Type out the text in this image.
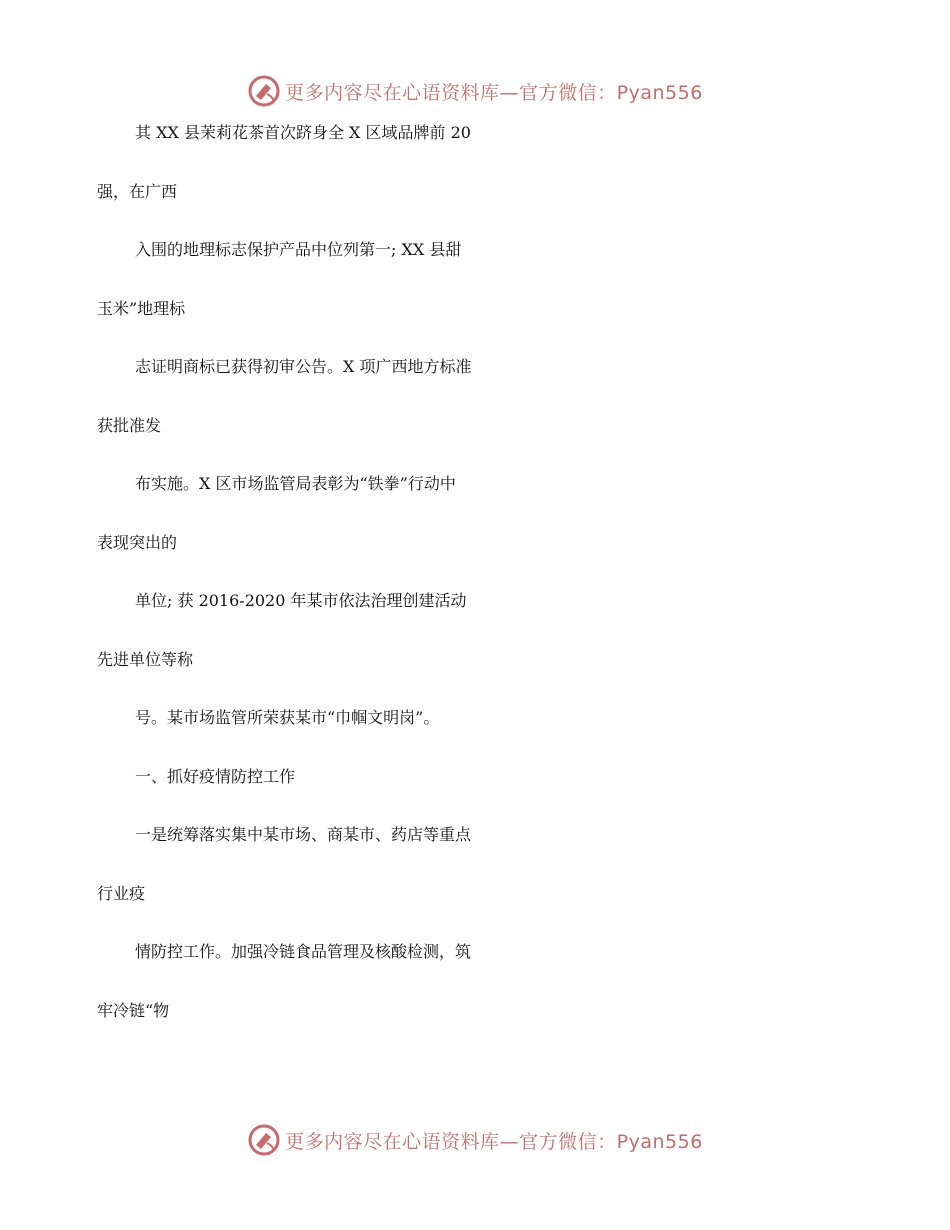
更多内容尽在心语资料库—官方微信：Pyan556
其 XX 县茉莉花茶首次跻身全 X 区域品牌前 20
强，在广西
入围的地理标志保护产品中位列第一; XX 县甜
玉米”地理标
志证明商标已获得初审公告。X 项广西地方标准
获批准发
布实施。X 区市场监管局表彰为“铁拳”行动中
表现突出的
单位; 获 2016-2020 年某市依法治理创建活动
先进单位等称
号。某市场监管所荣获某市“巾帼文明岗”。
一、抓好疫情防控工作
一是统筹落实集中某市场、商某市、药店等重点
行业疫
情防控工作。加强冷链食品管理及核酸检测，筑
牢冷链“物
更多内容尽在心语资料库—官方微信：Pyan556
